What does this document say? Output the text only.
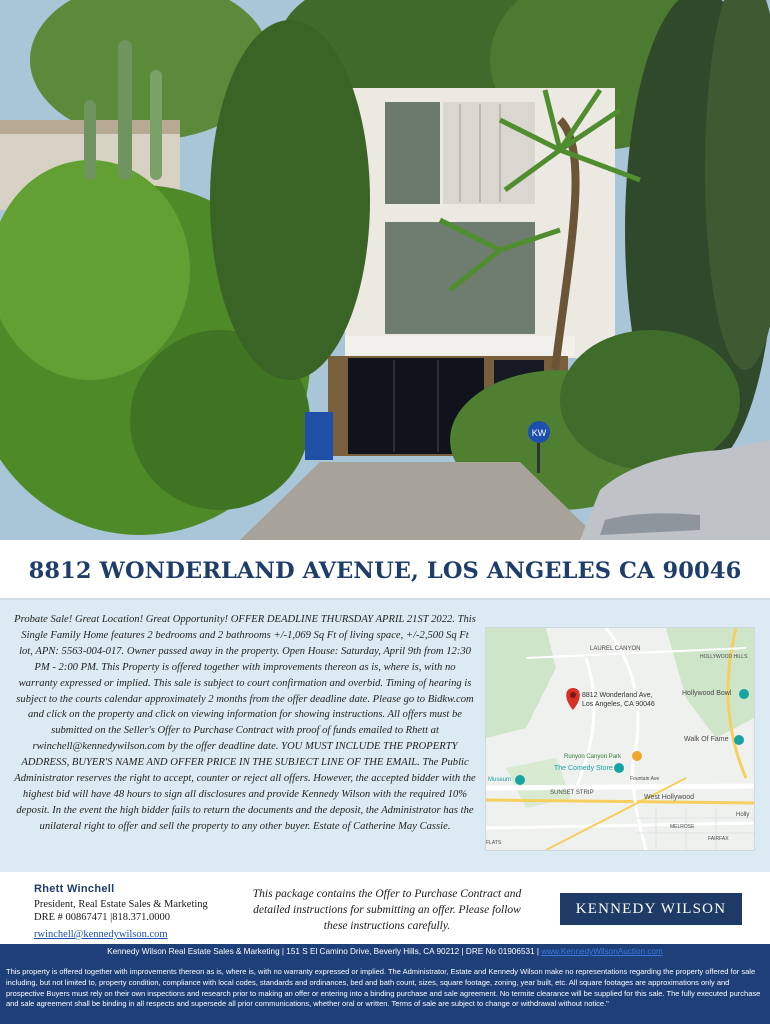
KW
8812 WONDERLAND AVENUE, LOS ANGELES CA 90046
Probate Sale! Great Location! Great Opportunity! OFFER DEADLINE THURSDAY APRIL 21ST 2022. This Single Family Home features 2 bedrooms and 2 bathrooms +/-1,069 Sq Ft of living space, +/-2,500 Sq Ft lot, APN: 5563-004-017. Owner passed away in the property. Open House: Saturday, April 9th from 12:30 PM - 2:00 PM. This Property is offered together with improvements thereon as is, where is, with no warranty expressed or implied. This sale is subject to court confirmation and overbid. Timing of hearing is subject to the courts calendar approximately 2 months from the offer deadline date. Please go to Bidkw.com and click on the property and click on viewing information for showing instructions. All offers must be submitted on the Seller's Offer to Purchase Contract with proof of funds emailed to Rhett at rwinchell@kennedywilson.com by the offer deadline date. YOU MUST INCLUDE THE PROPERTY ADDRESS, BUYER'S NAME AND OFFER PRICE IN THE SUBJECT LINE OF THE EMAIL. The Public Administrator reserves the right to accept, counter or reject all offers. However, the accepted bidder with the highest bid will have 48 hours to sign all disclosures and provide Kennedy Wilson with the required 10% deposit. In the event the high bidder fails to return the documents and the deposit, the Administrator has the unilateral right to offer and sell the property to any other buyer. Estate of Catherine May Cassie.
8812 Wonderland Ave,
Los Angeles, CA 90046
LAUREL CANYON
Hollywood Bowl
HOLLYWOOD HILLS
Runyon Canyon Park
Walk Of Fame
The Comedy Store
Museum	Fountain Ave
SUNSET STRIP
West Hollywood
MELROSE
FAIRFAX
Holly
FLATS
Rhett Winchell
President, Real Estate Sales & Marketing
DRE # 00867471 |818.371.0000
rwinchell@kennedywilson.com
This package contains the Offer to Purchase Contract and detailed instructions for submitting an offer. Please follow these instructions carefully.
KENNEDY WILSON
Kennedy Wilson Real Estate Sales & Marketing | 151 S El Camino Drive, Beverly Hills, CA 90212 | DRE No 01906531 | www.KennedyWilsonAuction.com
This property is offered together with improvements thereon as is, where is, with no warranty expressed or implied. The Administrator, Estate and Kennedy Wilson make no representations regarding the property offered for sale including, but not limited to, property condition, compliance with local codes, standards and ordinances, bed and bath count, sizes, square footage, zoning, year built, etc. All square footages are approximations only and prospective Buyers must rely on their own inspections and research prior to making an offer or entering into a binding purchase and sale agreement. No termite clearance will be supplied for this sale. The fully executed purchase and sale agreement shall be binding in all respects and supersede all prior communications, whether oral or written. Terms of sale are subject to change or withdrawal without notice."
